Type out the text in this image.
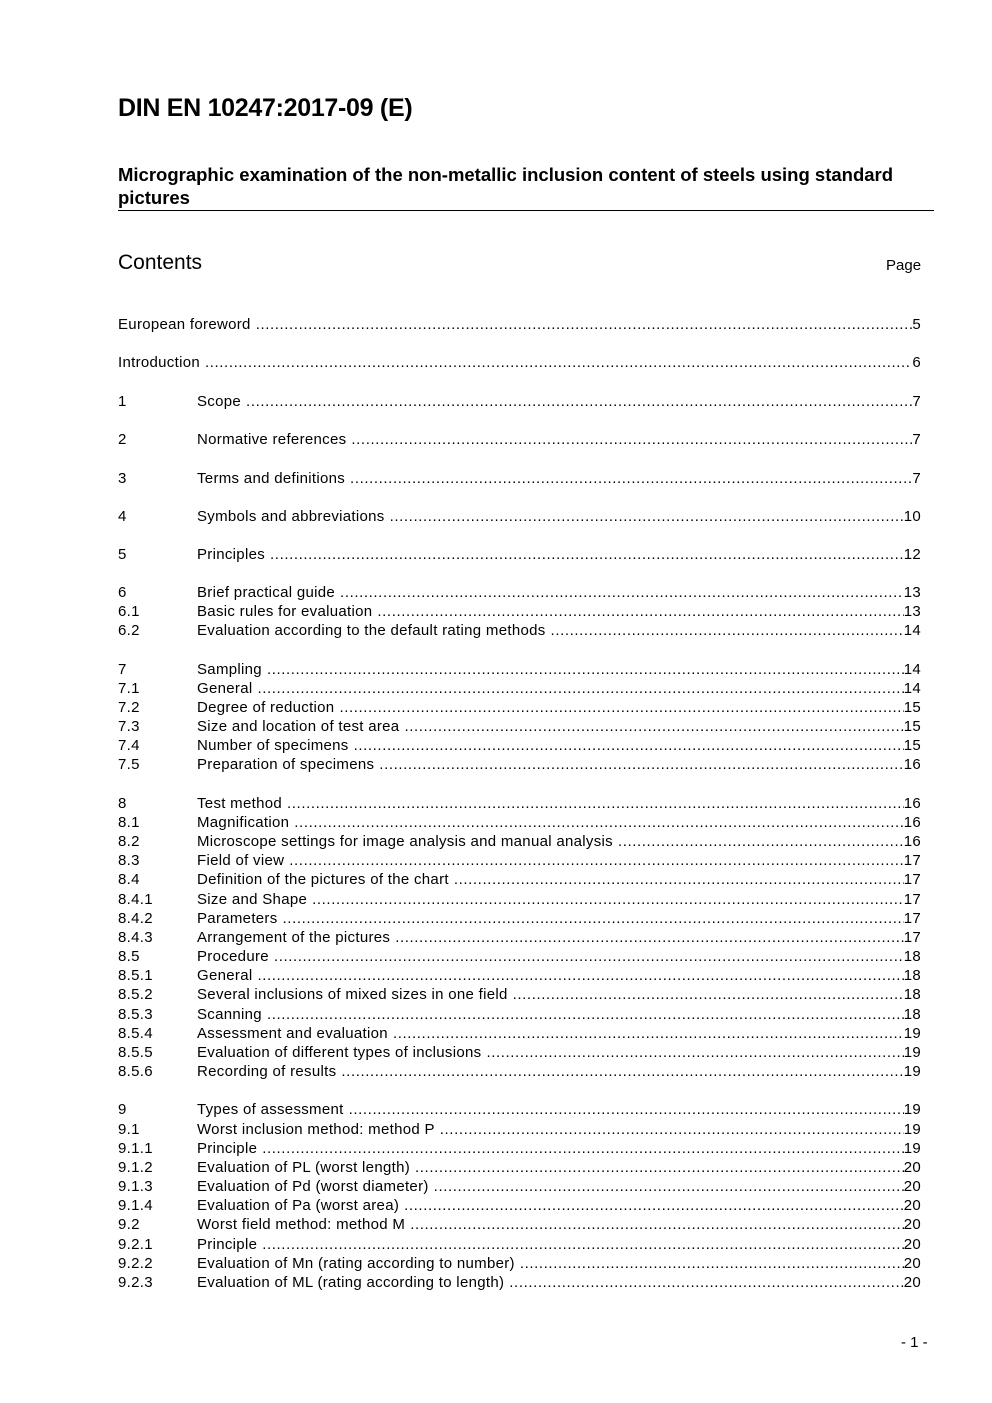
DIN EN 10247:2017-09 (E)
Micrographic examination of the non-metallic inclusion content of steels using standard pictures
Contents	Page
European foreword .....	5
Introduction .....	6
1	Scope .....	7
2	Normative references .....	7
3	Terms and definitions .....	7
4	Symbols and abbreviations .....	10
5	Principles .....	12
6	Brief practical guide .....	13
6.1	Basic rules for evaluation .....	13
6.2	Evaluation according to the default rating methods .....	14
7	Sampling .....	14
7.1	General .....	14
7.2	Degree of reduction .....	15
7.3	Size and location of test area .....	15
7.4	Number of specimens .....	15
7.5	Preparation of specimens .....	16
8	Test method .....	16
8.1	Magnification .....	16
8.2	Microscope settings for image analysis and manual analysis .....	16
8.3	Field of view .....	17
8.4	Definition of the pictures of the chart .....	17
8.4.1	Size and Shape .....	17
8.4.2	Parameters .....	17
8.4.3	Arrangement of the pictures .....	17
8.5	Procedure .....	18
8.5.1	General .....	18
8.5.2	Several inclusions of mixed sizes in one field .....	18
8.5.3	Scanning .....	18
8.5.4	Assessment and evaluation .....	19
8.5.5	Evaluation of different types of inclusions .....	19
8.5.6	Recording of results .....	19
9	Types of assessment .....	19
9.1	Worst inclusion method: method P .....	19
9.1.1	Principle .....	19
9.1.2	Evaluation of PL (worst length) .....	20
9.1.3	Evaluation of Pd (worst diameter) .....	20
9.1.4	Evaluation of Pa (worst area) .....	20
9.2	Worst field method: method M .....	20
9.2.1	Principle .....	20
9.2.2	Evaluation of Mn (rating according to number) .....	20
9.2.3	Evaluation of ML (rating according to length) .....	20
- 1 -
